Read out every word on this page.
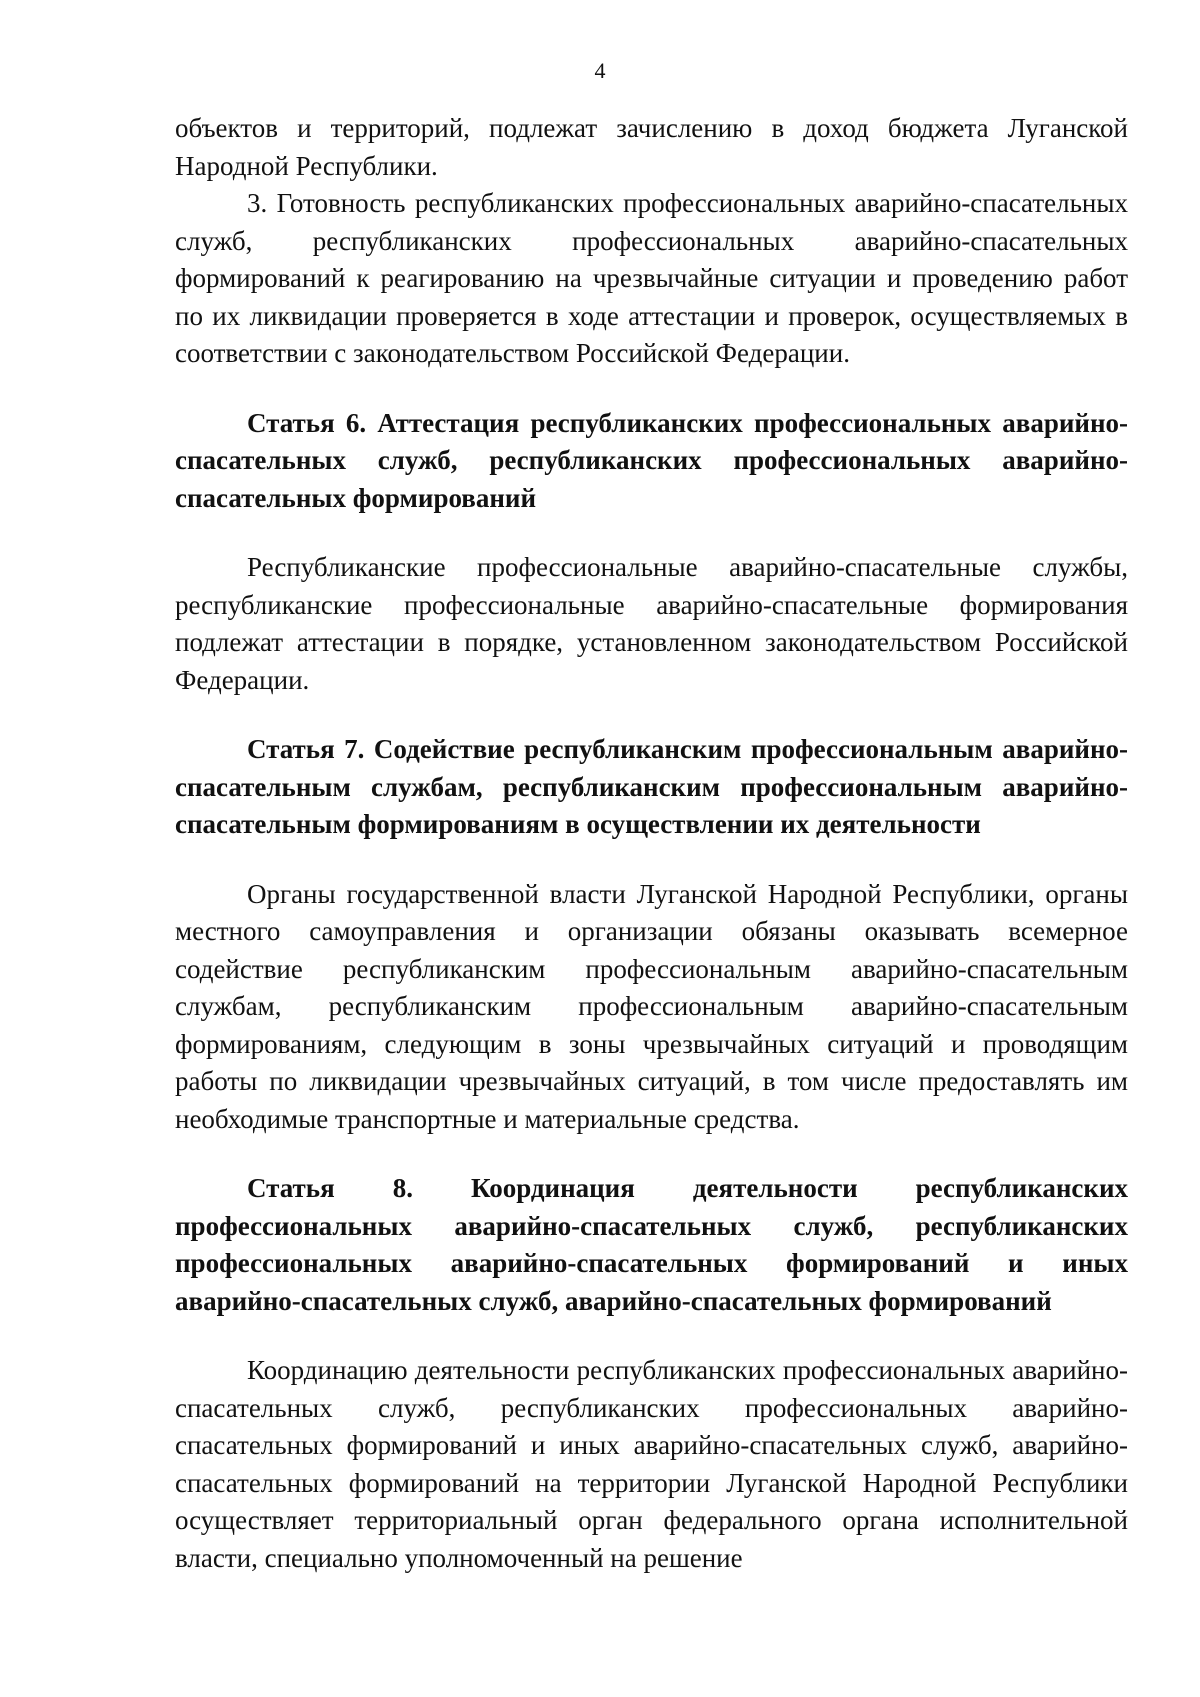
4

объектов и территорий, подлежат зачислению в доход бюджета Луганской Народной Республики.

3. Готовность республиканских профессиональных аварийно-спасательных служб, республиканских профессиональных аварийно-спасательных формирований к реагированию на чрезвычайные ситуации и проведению работ по их ликвидации проверяется в ходе аттестации и проверок, осуществляемых в соответствии с законодательством Российской Федерации.

Статья 6. Аттестация республиканских профессиональных аварийно-спасательных служб, республиканских профессиональных аварийно-спасательных формирований

Республиканские профессиональные аварийно-спасательные службы, республиканские профессиональные аварийно-спасательные формирования подлежат аттестации в порядке, установленном законодательством Российской Федерации.

Статья 7. Содействие республиканским профессиональным аварийно-спасательным службам, республиканским профессиональным аварийно-спасательным формированиям в осуществлении их деятельности

Органы государственной власти Луганской Народной Республики, органы местного самоуправления и организации обязаны оказывать всемерное содействие республиканским профессиональным аварийно-спасательным службам, республиканским профессиональным аварийно-спасательным формированиям, следующим в зоны чрезвычайных ситуаций и проводящим работы по ликвидации чрезвычайных ситуаций, в том числе предоставлять им необходимые транспортные и материальные средства.

Статья 8. Координация деятельности республиканских профессиональных аварийно-спасательных служб, республиканских профессиональных аварийно-спасательных формирований и иных аварийно-спасательных служб, аварийно-спасательных формирований

Координацию деятельности республиканских профессиональных аварийно-спасательных служб, республиканских профессиональных аварийно-спасательных формирований и иных аварийно-спасательных служб, аварийно-спасательных формирований на территории Луганской Народной Республики осуществляет территориальный орган федерального органа исполнительной власти, специально уполномоченный на решение
